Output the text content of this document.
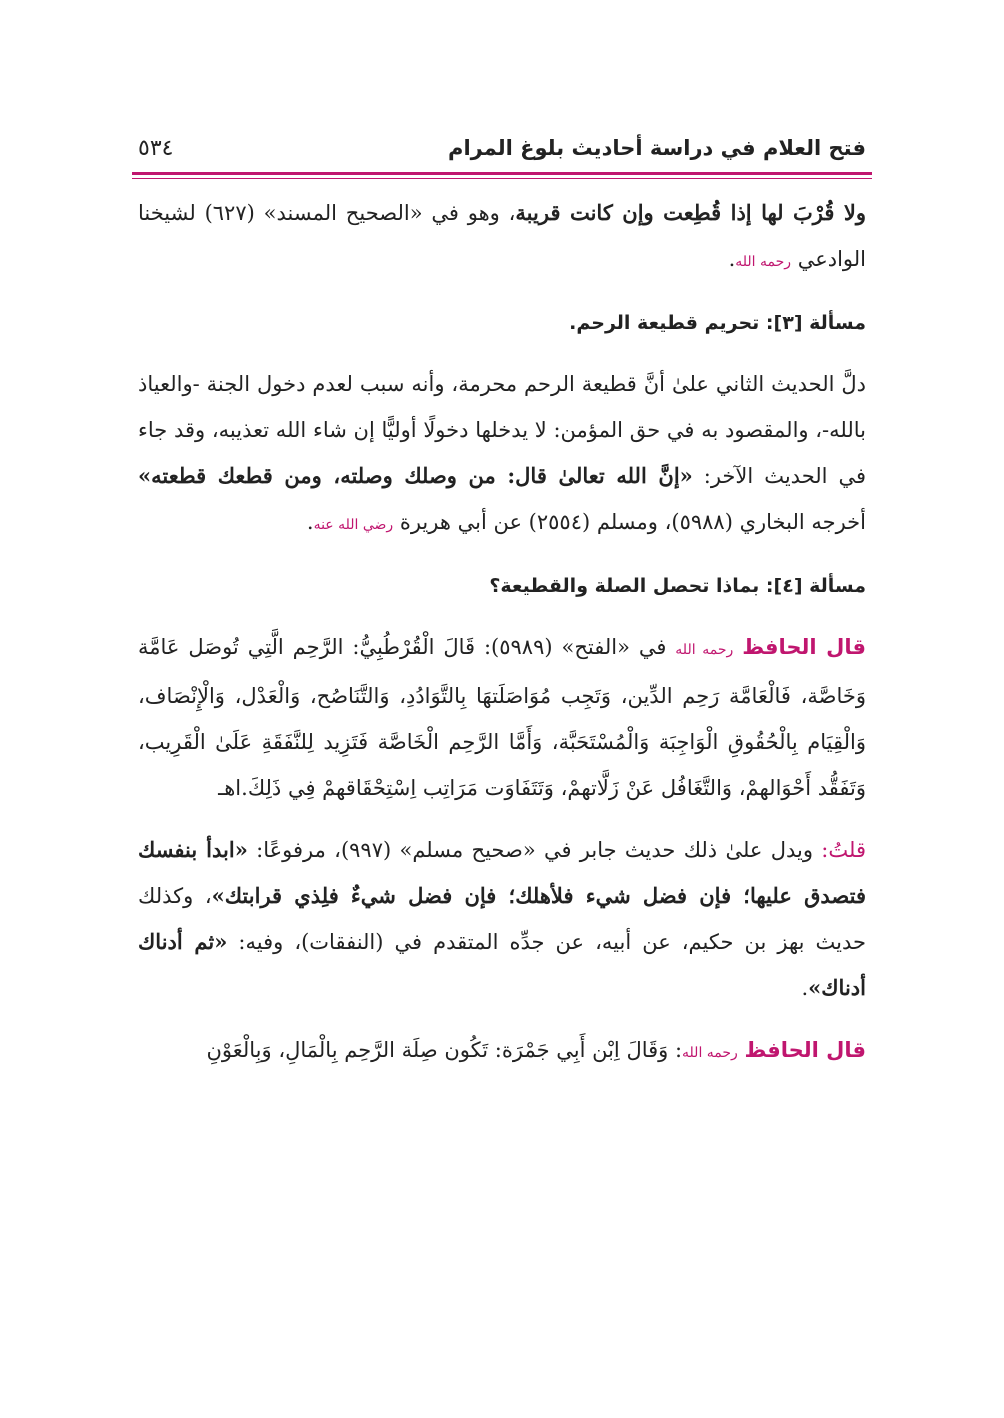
٥٣٤	فتح العلام في دراسة أحاديث بلوغ المرام

ولا قُرْبَ لها إذا قُطِعت وإن كانت قريبة، وهو في «الصحيح المسند» (٦٢٧) لشيخنا الوادعي رحمه الله.

مسألة [٣]: تحريم قطيعة الرحم.

دلَّ الحديث الثاني علىٰ أنَّ قطيعة الرحم محرمة، وأنه سبب لعدم دخول الجنة -والعياذ بالله-، والمقصود به في حق المؤمن: لا يدخلها دخولًا أوليًّا إن شاء الله تعذيبه، وقد جاء في الحديث الآخر: «إنَّ الله تعالىٰ قال: من وصلك وصلته، ومن قطعك قطعته» أخرجه البخاري (٥٩٨٨)، ومسلم (٢٥٥٤) عن أبي هريرة رضي الله عنه.

مسألة [٤]: بماذا تحصل الصلة والقطيعة؟

قال الحافظ رحمه الله في «الفتح» (٥٩٨٩): قَالَ الْقُرْطُبِيُّ: الرَّحِم الَّتِي تُوصَل عَامَّة وَخَاصَّة، فَالْعَامَّة رَحِم الدِّين، وَتَجِب مُوَاصَلَتهَا بِالتَّوَادُدِ، وَالتَّنَاصُح، وَالْعَدْل، وَالْإِنْصَاف، وَالْقِيَام بِالْحُقُوقِ الْوَاجِبَة وَالْمُسْتَحَبَّة، وَأَمَّا الرَّحِم الْخَاصَّة فَتَزِيد لِلنَّفَقَةِ عَلَىٰ الْقَرِيب، وَتَفَقُّد أَحْوَالهمْ، وَالتَّغَافُل عَنْ زَلَّاتهمْ، وَتَتَفَاوَت مَرَاتِب اِسْتِحْقَاقهمْ فِي ذَلِكَ.اهـ

قلتُ: ويدل علىٰ ذلك حديث جابر في «صحيح مسلم» (٩٩٧)، مرفوعًا: «ابدأ بنفسك فتصدق عليها؛ فإن فضل شيء فلأهلك؛ فإن فضل شيءٌ فلِذي قرابتك»، وكذلك حديث بهز بن حكيم، عن أبيه، عن جدِّه المتقدم في (النفقات)، وفيه: «ثم أدناك أدناك».

قال الحافظ رحمه الله: وَقَالَ اِبْن أَبِي جَمْرَة: تَكُون صِلَة الرَّحِم بِالْمَالِ، وَبِالْعَوْنِ
